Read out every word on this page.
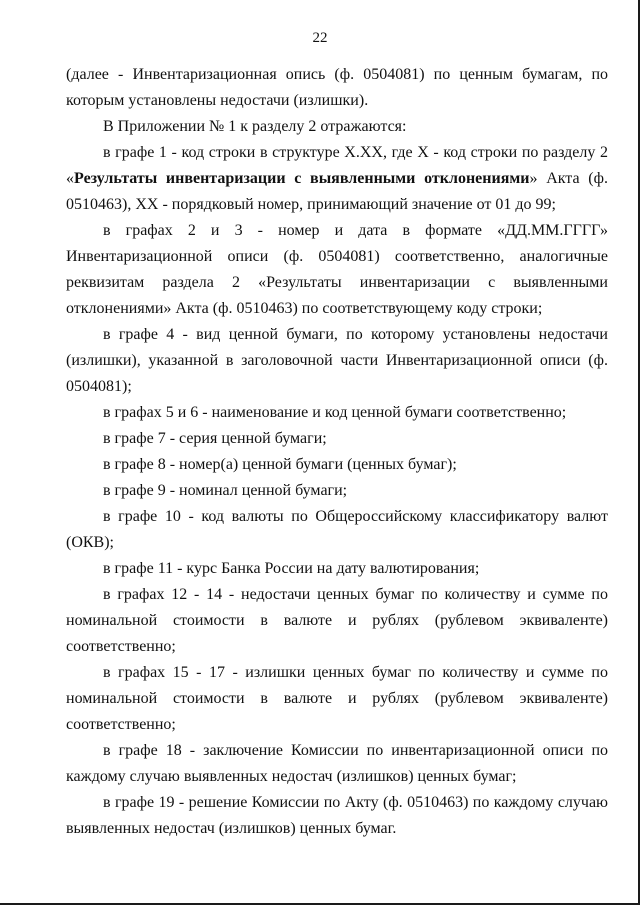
22

(далее - Инвентаризационная опись (ф. 0504081) по ценным бумагам, по которым установлены недостачи (излишки).

В Приложении № 1 к разделу 2 отражаются:

в графе 1 - код строки в структуре Х.ХХ, где Х - код строки по разделу 2 «Результаты инвентаризации с выявленными отклонениями» Акта (ф. 0510463), ХХ - порядковый номер, принимающий значение от 01 до 99;

в графах 2 и 3 - номер и дата в формате «ДД.ММ.ГГГГ» Инвентаризационной описи (ф. 0504081) соответственно, аналогичные реквизитам раздела 2 «Результаты инвентаризации с выявленными отклонениями» Акта (ф. 0510463) по соответствующему коду строки;

в графе 4 - вид ценной бумаги, по которому установлены недостачи (излишки), указанной в заголовочной части Инвентаризационной описи (ф. 0504081);

в графах 5 и 6 - наименование и код ценной бумаги соответственно;

в графе 7 - серия ценной бумаги;

в графе 8 - номер(а) ценной бумаги (ценных бумаг);

в графе 9 - номинал ценной бумаги;

в графе 10 - код валюты по Общероссийскому классификатору валют (ОКВ);

в графе 11 - курс Банка России на дату валютирования;

в графах 12 - 14 - недостачи ценных бумаг по количеству и сумме по номинальной стоимости в валюте и рублях (рублевом эквиваленте) соответственно;

в графах 15 - 17 - излишки ценных бумаг по количеству и сумме по номинальной стоимости в валюте и рублях (рублевом эквиваленте) соответственно;

в графе 18 - заключение Комиссии по инвентаризационной описи по каждому случаю выявленных недостач (излишков) ценных бумаг;

в графе 19 - решение Комиссии по Акту (ф. 0510463) по каждому случаю выявленных недостач (излишков) ценных бумаг.
